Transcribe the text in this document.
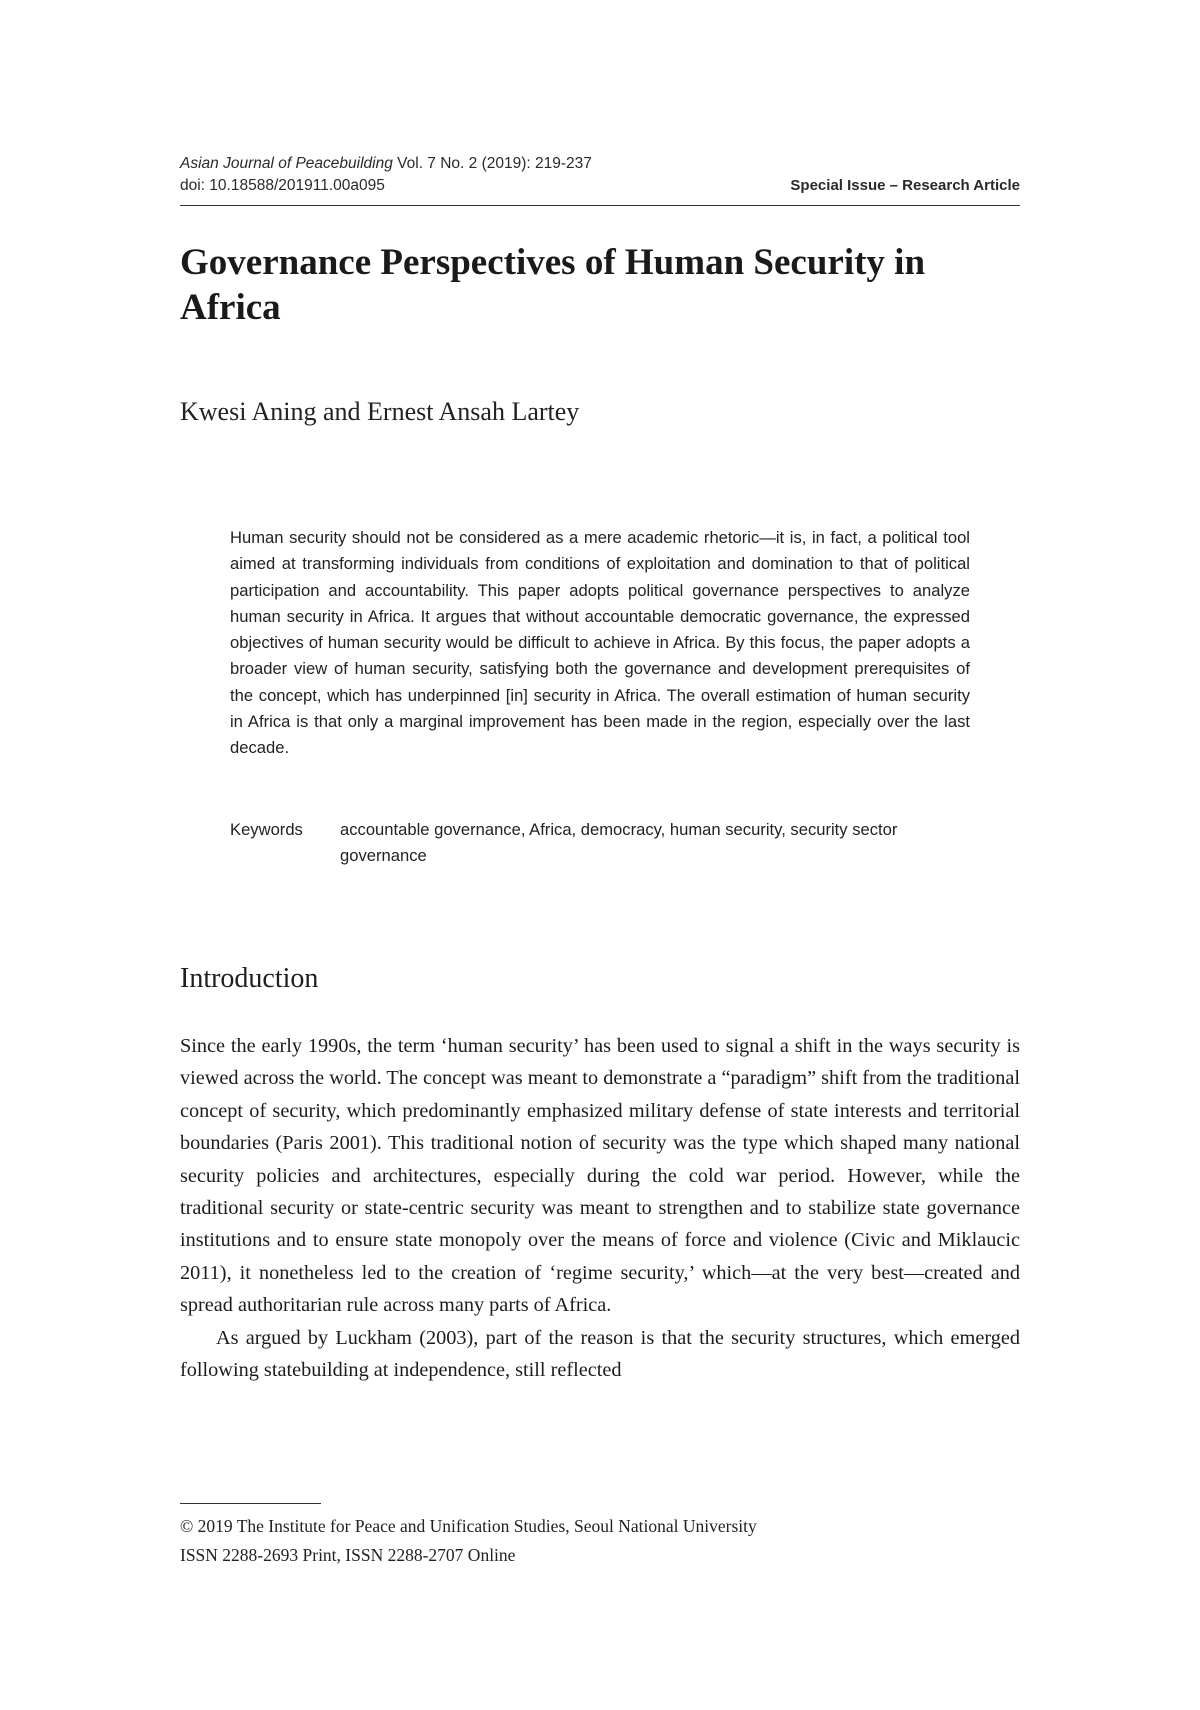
Asian Journal of Peacebuilding Vol. 7 No. 2 (2019): 219-237
doi: 10.18588/201911.00a095	Special Issue – Research Article
Governance Perspectives of Human Security in Africa
Kwesi Aning and Ernest Ansah Lartey

Human security should not be considered as a mere academic rhetoric—it is, in fact, a political tool aimed at transforming individuals from conditions of exploitation and domination to that of political participation and accountability. This paper adopts political governance perspectives to analyze human security in Africa. It argues that without accountable democratic governance, the expressed objectives of human security would be difficult to achieve in Africa. By this focus, the paper adopts a broader view of human security, satisfying both the governance and development prerequisites of the concept, which has underpinned [in] security in Africa. The overall estimation of human security in Africa is that only a marginal improvement has been made in the region, especially over the last decade.

Keywords	accountable governance, Africa, democracy, human security, security sector governance
Introduction

Since the early 1990s, the term ‘human security’ has been used to signal a shift in the ways security is viewed across the world. The concept was meant to demonstrate a “paradigm” shift from the traditional concept of security, which predominantly emphasized military defense of state interests and territorial boundaries (Paris 2001). This traditional notion of security was the type which shaped many national security policies and architectures, especially during the cold war period. However, while the traditional security or state-centric security was meant to strengthen and to stabilize state governance institutions and to ensure state monopoly over the means of force and violence (Civic and Miklaucic 2011), it nonetheless led to the creation of ‘regime security,’ which—at the very best—created and spread authoritarian rule across many parts of Africa.

As argued by Luckham (2003), part of the reason is that the security structures, which emerged following statebuilding at independence, still reflected

© 2019 The Institute for Peace and Unification Studies, Seoul National University
ISSN 2288-2693 Print, ISSN 2288-2707 Online
